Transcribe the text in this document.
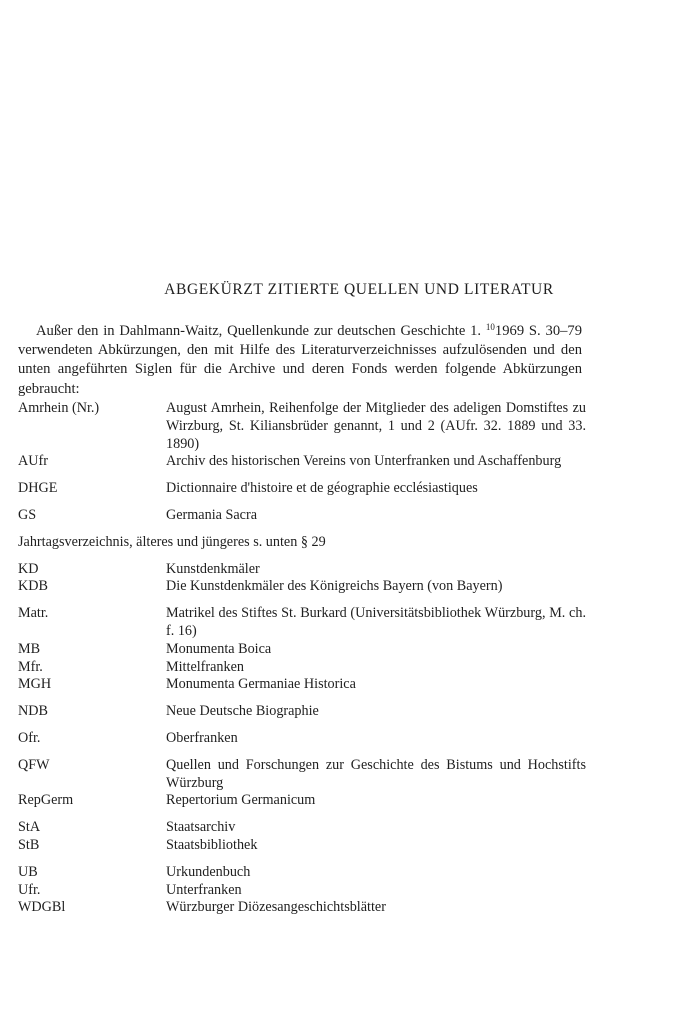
ABGEKÜRZT ZITIERTE QUELLEN UND LITERATUR

Außer den in Dahlmann-Waitz, Quellenkunde zur deutschen Geschichte 1. $^{10}$1969 S. 30–79 verwendeten Abkürzungen, den mit Hilfe des Literaturverzeichnisses aufzulösenden und den unten angeführten Siglen für die Archive und deren Fonds werden folgende Abkürzungen gebraucht:

Amrhein (Nr.)	August Amrhein, Reihenfolge der Mitglieder des adeligen Domstiftes zu Wirzburg, St. Kiliansbrüder genannt, 1 und 2 (AUfr. 32. 1889 und 33. 1890)
AUfr	Archiv des historischen Vereins von Unterfranken und Aschaffenburg
DHGE	Dictionnaire d'histoire et de géographie ecclésiastiques
GS	Germania Sacra
Jahrtagsverzeichnis, älteres und jüngeres s. unten § 29
KD	Kunstdenkmäler
KDB	Die Kunstdenkmäler des Königreichs Bayern (von Bayern)
Matr.	Matrikel des Stiftes St. Burkard (Universitätsbibliothek Würzburg, M. ch. f. 16)
MB	Monumenta Boica
Mfr.	Mittelfranken
MGH	Monumenta Germaniae Historica
NDB	Neue Deutsche Biographie
Ofr.	Oberfranken
QFW	Quellen und Forschungen zur Geschichte des Bistums und Hochstifts Würzburg
RepGerm	Repertorium Germanicum
StA	Staatsarchiv
StB	Staatsbibliothek
UB	Urkundenbuch
Ufr.	Unterfranken
WDGBl	Würzburger Diözesangeschichtsblätter
